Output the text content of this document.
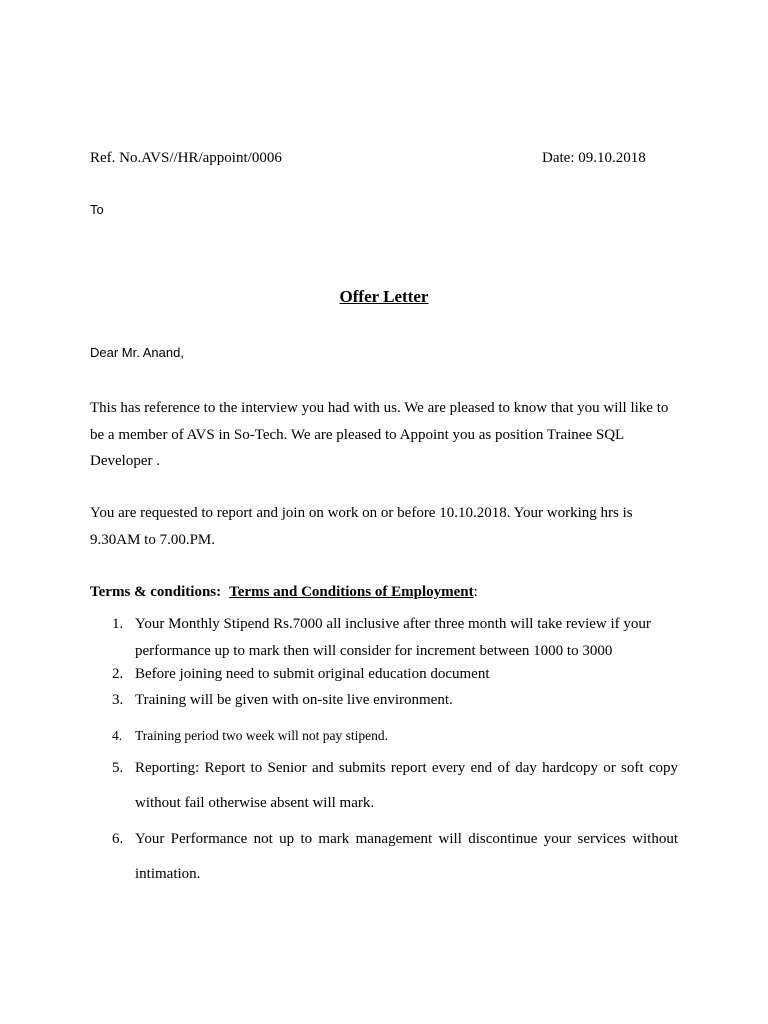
Ref. No.AVS//HR/appoint/0006	Date: 09.10.2018
To
Offer Letter
Dear Mr. Anand,
This has reference to the interview you had with us. We are pleased to know that you will like to be a member of AVS in So-Tech. We are pleased to Appoint you as position Trainee SQL Developer .
You are requested to report and join on work on or before 10.10.2018. Your working hrs is 9.30AM to 7.00.PM.
Terms & conditions: Terms and Conditions of Employment:
1. Your Monthly Stipend Rs.7000 all inclusive after three month will take review if your performance up to mark then will consider for increment between 1000 to 3000
2. Before joining need to submit original education document
3. Training will be given with on-site live environment.
4. Training period two week will not pay stipend.
5. Reporting: Report to Senior and submits report every end of day hardcopy or soft copy without fail otherwise absent will mark.
6. Your Performance not up to mark management will discontinue your services without intimation.
